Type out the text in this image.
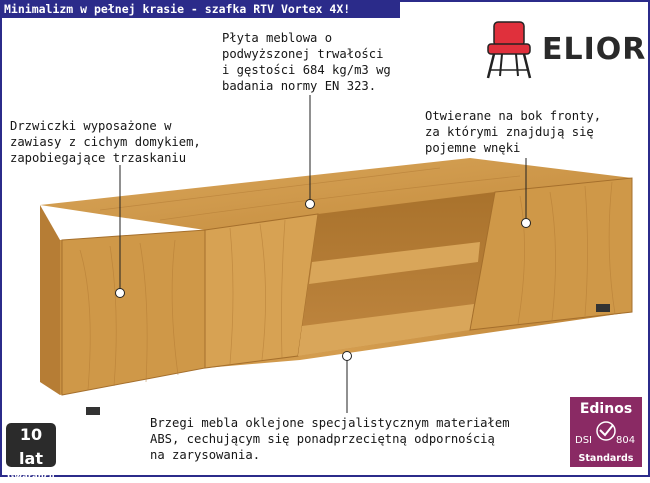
Minimalizm w pełnej krasie - szafka RTV Vortex 4X!
Płyta meblowa o
podwyższonej trwałości
i gęstości 684 kg/m3 wg
badania normy EN 323.
Drzwiczki wyposażone w
zawiasy z cichym domykiem,
zapobiegające trzaskaniu
Otwierane na bok fronty,
za którymi znajdują się
pojemne wnęki
Brzegi mebla oklejone specjalistycznym materiałem
ABS, cechującym się ponadprzeciętną odpornością
na zarysowania.
ELIOR
10 lat
Gwarancji
Edinos
DSI 804
Standards
